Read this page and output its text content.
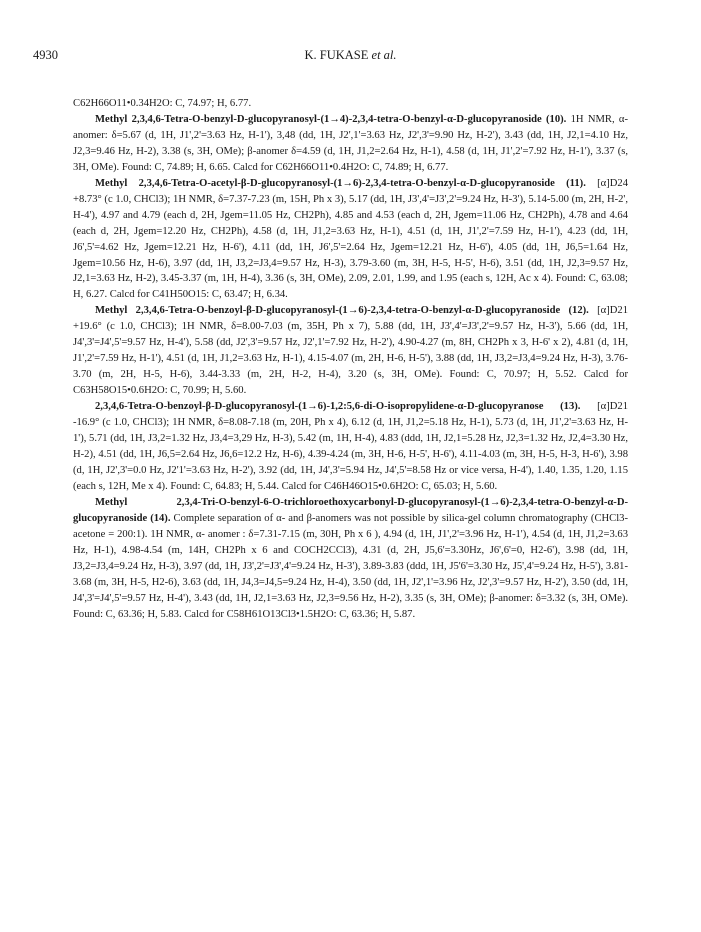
4930	K. FUKASE et al.

C62H66O11•0.34H2O: C, 74.97; H, 6.77.

Methyl 2,3,4,6-Tetra-O-benzyl-D-glucopyranosyl-(1→4)-2,3,4-tetra-O-benzyl-α-D-glucopyranoside (10). 1H NMR, α-anomer: δ=5.67 (d, 1H, J1',2'=3.63 Hz, H-1'), 3,48 (dd, 1H, J2',1'=3.63 Hz, J2',3'=9.90 Hz, H-2'), 3.43 (dd, 1H, J2,1=4.10 Hz, J2,3=9.46 Hz, H-2), 3.38 (s, 3H, OMe); β-anomer δ=4.59 (d, 1H, J1,2=2.64 Hz, H-1), 4.58 (d, 1H, J1',2'=7.92 Hz, H-1'), 3.37 (s, 3H, OMe). Found: C, 74.89; H, 6.65. Calcd for C62H66O11•0.4H2O: C, 74.89; H, 6.77.

Methyl 2,3,4,6-Tetra-O-acetyl-β-D-glucopyranosyl-(1→6)-2,3,4-tetra-O-benzyl-α-D-glucopyranoside (11). [α]D24 +8.73° (c 1.0, CHCl3); 1H NMR, δ=7.37-7.23 (m, 15H, Ph x 3), 5.17 (dd, 1H, J3',4'=J3',2'=9.24 Hz, H-3'), 5.14-5.00 (m, 2H, H-2', H-4'), 4.97 and 4.79 (each d, 2H, Jgem=11.05 Hz, CH2Ph), 4.85 and 4.53 (each d, 2H, Jgem=11.06 Hz, CH2Ph), 4.78 and 4.64 (each d, 2H, Jgem=12.20 Hz, CH2Ph), 4.58 (d, 1H, J1,2=3.63 Hz, H-1), 4.51 (d, 1H, J1',2'=7.59 Hz, H-1'), 4.23 (dd, 1H, J6',5'=4.62 Hz, Jgem=12.21 Hz, H-6'), 4.11 (dd, 1H, J6',5'=2.64 Hz, Jgem=12.21 Hz, H-6'), 4.05 (dd, 1H, J6,5=1.64 Hz, Jgem=10.56 Hz, H-6), 3.97 (dd, 1H, J3,2=J3,4=9.57 Hz, H-3), 3.79-3.60 (m, 3H, H-5, H-5', H-6), 3.51 (dd, 1H, J2,3=9.57 Hz, J2,1=3.63 Hz, H-2), 3.45-3.37 (m, 1H, H-4), 3.36 (s, 3H, OMe), 2.09, 2.01, 1.99, and 1.95 (each s, 12H, Ac x 4). Found: C, 63.08; H, 6.27. Calcd for C41H50O15: C, 63.47; H, 6.34.

Methyl 2,3,4,6-Tetra-O-benzoyl-β-D-glucopyranosyl-(1→6)-2,3,4-tetra-O-benzyl-α-D-glucopyranoside (12). [α]D21 +19.6° (c 1.0, CHCl3); 1H NMR, δ=8.00-7.03 (m, 35H, Ph x 7), 5.88 (dd, 1H, J3',4'=J3',2'=9.57 Hz, H-3'), 5.66 (dd, 1H, J4',3'=J4',5'=9.57 Hz, H-4'), 5.58 (dd, J2',3'=9.57 Hz, J2',1'=7.92 Hz, H-2'), 4.90-4.27 (m, 8H, CH2Ph x 3, H-6' x 2), 4.81 (d, 1H, J1',2'=7.59 Hz, H-1'), 4.51 (d, 1H, J1,2=3.63 Hz, H-1), 4.15-4.07 (m, 2H, H-6, H-5'), 3.88 (dd, 1H, J3,2=J3,4=9.24 Hz, H-3), 3.76-3.70 (m, 2H, H-5, H-6), 3.44-3.33 (m, 2H, H-2, H-4), 3.20 (s, 3H, OMe). Found: C, 70.97; H, 5.52. Calcd for C63H58O15•0.6H2O: C, 70.99; H, 5.60.

2,3,4,6-Tetra-O-benzoyl-β-D-glucopyranosyl-(1→6)-1,2:5,6-di-O-isopropylidene-α-D-glucopyranose (13). [α]D21 -16.9° (c 1.0, CHCl3); 1H NMR, δ=8.08-7.18 (m, 20H, Ph x 4), 6.12 (d, 1H, J1,2=5.18 Hz, H-1), 5.73 (d, 1H, J1',2'=3.63 Hz, H-1'), 5.71 (dd, 1H, J3,2=1.32 Hz, J3,4=3,29 Hz, H-3), 5.42 (m, 1H, H-4), 4.83 (ddd, 1H, J2,1=5.28 Hz, J2,3=1.32 Hz, J2,4=3.30 Hz, H-2), 4.51 (dd, 1H, J6,5=2.64 Hz, J6,6=12.2 Hz, H-6), 4.39-4.24 (m, 3H, H-6, H-5', H-6'), 4.11-4.03 (m, 3H, H-5, H-3, H-6'), 3.98 (d, 1H, J2',3'=0.0 Hz, J2'1'=3.63 Hz, H-2'), 3.92 (dd, 1H, J4',3'=5.94 Hz, J4',5'=8.58 Hz or vice versa, H-4'), 1.40, 1.35, 1.20, 1.15 (each s, 12H, Me x 4). Found: C, 64.83; H, 5.44. Calcd for C46H46O15•0.6H2O: C, 65.03; H, 5.60.

Methyl 2,3,4-Tri-O-benzyl-6-O-trichloroethoxycarbonyl-D-glucopyranosyl-(1→6)-2,3,4-tetra-O-benzyl-α-D-glucopyranoside (14). Complete separation of α- and β-anomers was not possible by silica-gel column chromatography (CHCl3-acetone = 200:1). 1H NMR, α- anomer : δ=7.31-7.15 (m, 30H, Ph x 6 ), 4.94 (d, 1H, J1',2'=3.96 Hz, H-1'), 4.54 (d, 1H, J1,2=3.63 Hz, H-1), 4.98-4.54 (m, 14H, CH2Ph x 6 and COCH2CCl3), 4.31 (d, 2H, J5,6'=3.30Hz, J6',6'=0, H2-6'), 3.98 (dd, 1H, J3,2=J3,4=9.24 Hz, H-3), 3.97 (dd, 1H, J3',2'=J3',4'=9.24 Hz, H-3'), 3.89-3.83 (ddd, 1H, J5'6'=3.30 Hz, J5',4'=9.24 Hz, H-5'), 3.81-3.68 (m, 3H, H-5, H2-6), 3.63 (dd, 1H, J4,3=J4,5=9.24 Hz, H-4), 3.50 (dd, 1H, J2',1'=3.96 Hz, J2',3'=9.57 Hz, H-2'), 3.50 (dd, 1H, J4',3'=J4',5'=9.57 Hz, H-4'), 3.43 (dd, 1H, J2,1=3.63 Hz, J2,3=9.56 Hz, H-2), 3.35 (s, 3H, OMe); β-anomer: δ=3.32 (s, 3H, OMe). Found: C, 63.36; H, 5.83. Calcd for C58H61O13Cl3•1.5H2O: C, 63.36; H, 5.87.
